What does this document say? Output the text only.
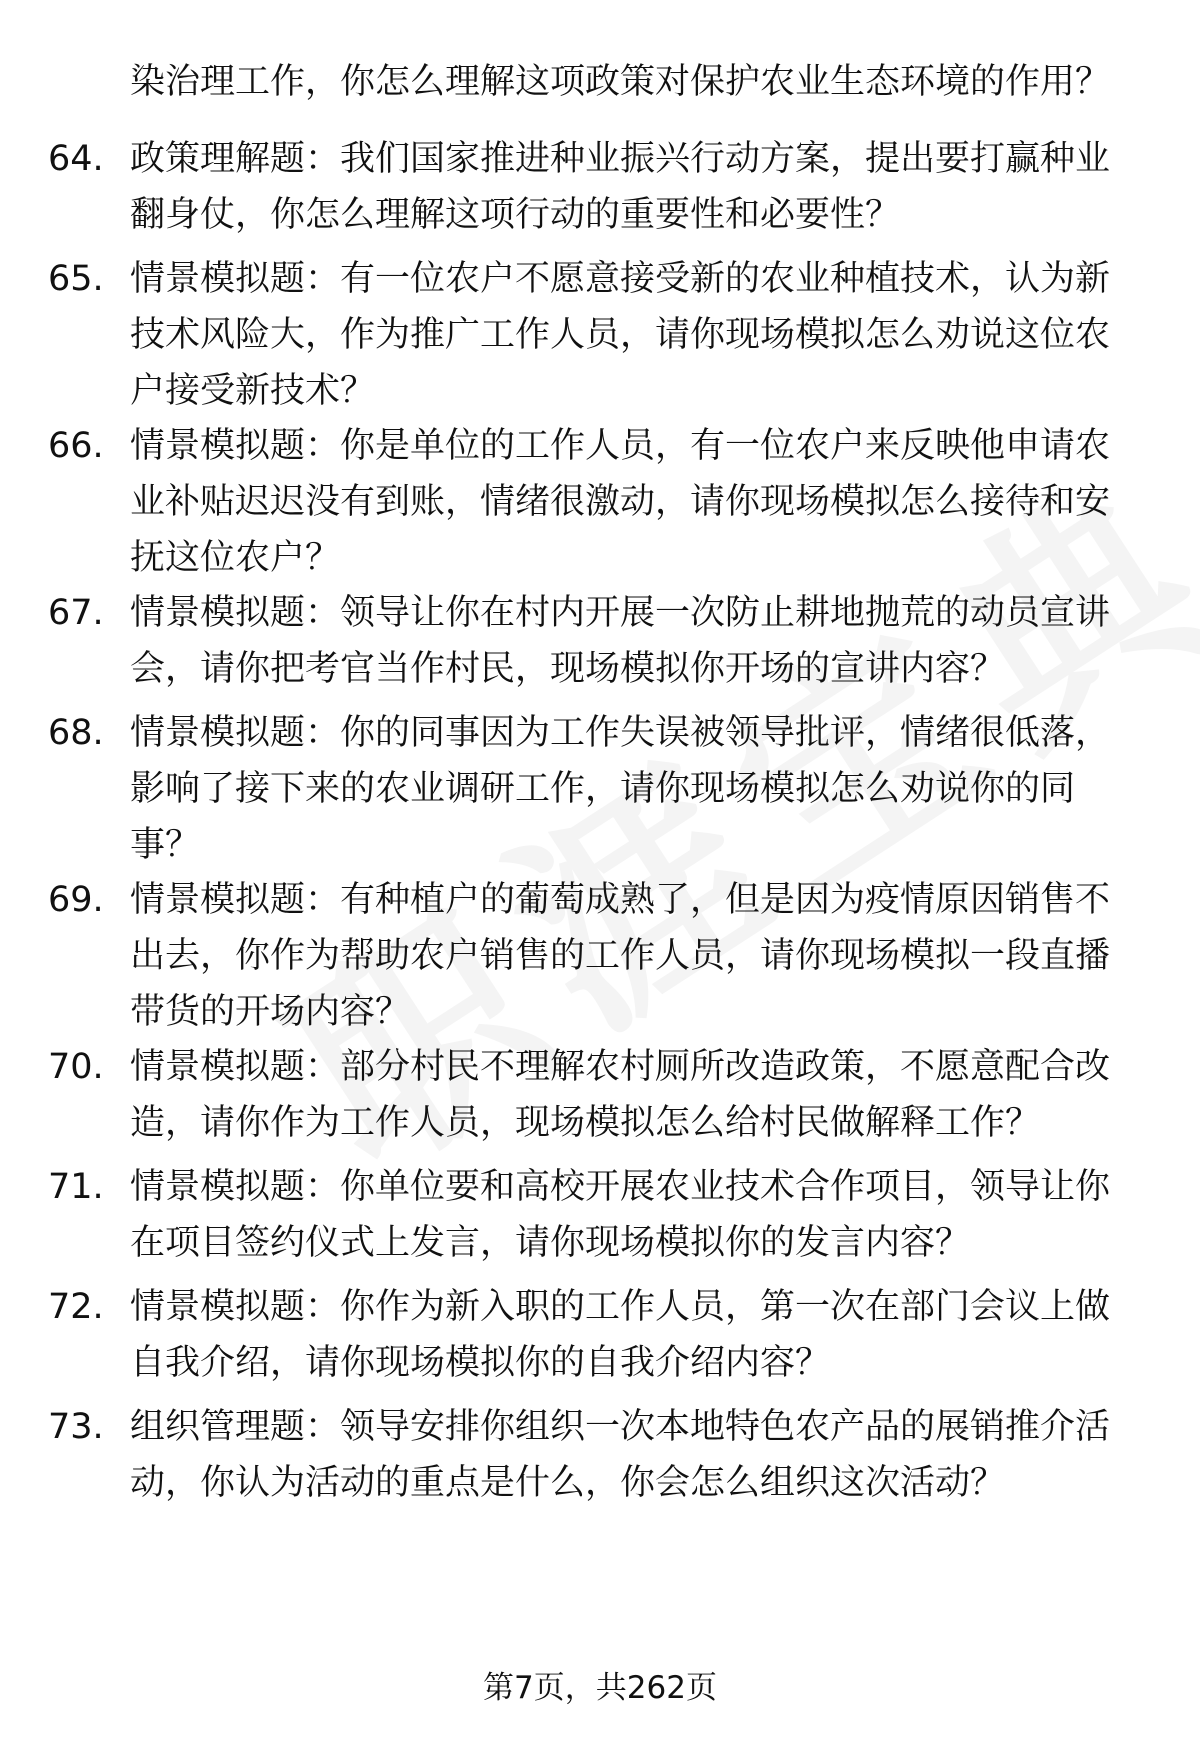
染治理工作，你怎么理解这项政策对保护农业生态环境的作用？

64. 政策理解题：我们国家推进种业振兴行动方案，提出要打赢种业翻身仗，你怎么理解这项行动的重要性和必要性？

65. 情景模拟题：有一位农户不愿意接受新的农业种植技术，认为新技术风险大，作为推广工作人员，请你现场模拟怎么劝说这位农户接受新技术？

66. 情景模拟题：你是单位的工作人员，有一位农户来反映他申请农业补贴迟迟没有到账，情绪很激动，请你现场模拟怎么接待和安抚这位农户？

67. 情景模拟题：领导让你在村内开展一次防止耕地抛荒的动员宣讲会，请你把考官当作村民，现场模拟你开场的宣讲内容？

68. 情景模拟题：你的同事因为工作失误被领导批评，情绪很低落，影响了接下来的农业调研工作，请你现场模拟怎么劝说你的同事？

69. 情景模拟题：有种植户的葡萄成熟了，但是因为疫情原因销售不出去，你作为帮助农户销售的工作人员，请你现场模拟一段直播带货的开场内容？

70. 情景模拟题：部分村民不理解农村厕所改造政策，不愿意配合改造，请你作为工作人员，现场模拟怎么给村民做解释工作？

71. 情景模拟题：你单位要和高校开展农业技术合作项目，领导让你在项目签约仪式上发言，请你现场模拟你的发言内容？

72. 情景模拟题：你作为新入职的工作人员，第一次在部门会议上做自我介绍，请你现场模拟你的自我介绍内容？

73. 组织管理题：领导安排你组织一次本地特色农产品的展销推介活动，你认为活动的重点是什么，你会怎么组织这次活动？

第7页，共262页
